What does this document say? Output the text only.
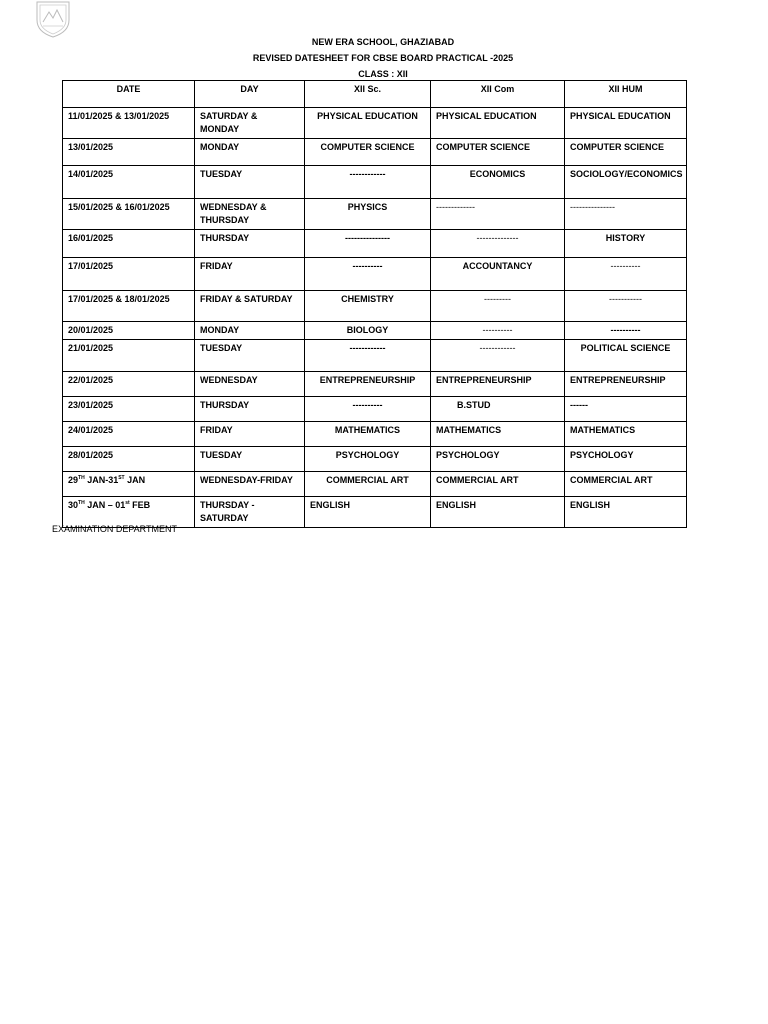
NEW ERA SCHOOL, GHAZIABAD
REVISED DATESHEET FOR CBSE BOARD PRACTICAL -2025
CLASS : XII
DATE	DAY	XII Sc.	XII Com	XII HUM
11/01/2025 & 13/01/2025	SATURDAY & MONDAY	PHYSICAL EDUCATION	PHYSICAL EDUCATION	PHYSICAL EDUCATION
13/01/2025	MONDAY	COMPUTER SCIENCE	COMPUTER SCIENCE	COMPUTER SCIENCE
14/01/2025	TUESDAY	------------	ECONOMICS	SOCIOLOGY/ECONOMICS
15/01/2025 & 16/01/2025	WEDNESDAY & THURSDAY	PHYSICS	-------------	---------------
16/01/2025	THURSDAY	---------------	--------------	HISTORY
17/01/2025	FRIDAY	----------	ACCOUNTANCY	----------
17/01/2025 & 18/01/2025	FRIDAY & SATURDAY	CHEMISTRY	---------	-----------
20/01/2025	MONDAY	BIOLOGY	----------	----------
21/01/2025	TUESDAY	------------	------------	POLITICAL SCIENCE
22/01/2025	WEDNESDAY	ENTREPRENEURSHIP	ENTREPRENEURSHIP	ENTREPRENEURSHIP
23/01/2025	THURSDAY	----------	B.STUD	------
24/01/2025	FRIDAY	MATHEMATICS	MATHEMATICS	MATHEMATICS
28/01/2025	TUESDAY	PSYCHOLOGY	PSYCHOLOGY	PSYCHOLOGY
29TH JAN-31ST JAN	WEDNESDAY-FRIDAY	COMMERCIAL ART	COMMERCIAL ART	COMMERCIAL ART
30TH JAN – 01st FEB	THURSDAY - SATURDAY	ENGLISH	ENGLISH	ENGLISH
EXAMINATION DEPARTMENT
